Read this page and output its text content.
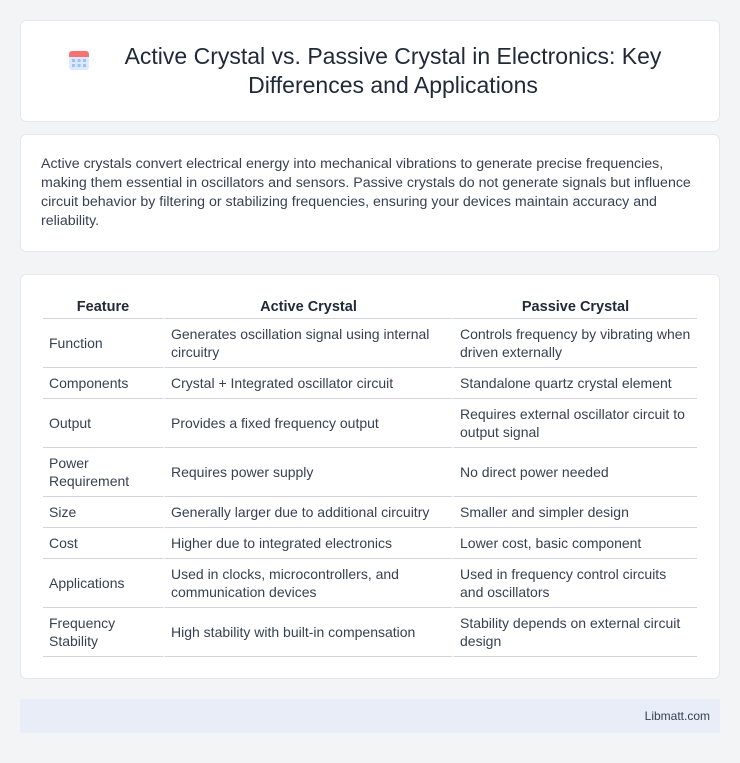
Active Crystal vs. Passive Crystal in Electronics: Key Differences and Applications

Active crystals convert electrical energy into mechanical vibrations to generate precise frequencies, making them essential in oscillators and sensors. Passive crystals do not generate signals but influence circuit behavior by filtering or stabilizing frequencies, ensuring your devices maintain accuracy and reliability.

Feature	Active Crystal	Passive Crystal
Function	Generates oscillation signal using internal circuitry	Controls frequency by vibrating when driven externally
Components	Crystal + Integrated oscillator circuit	Standalone quartz crystal element
Output	Provides a fixed frequency output	Requires external oscillator circuit to output signal
Power Requirement	Requires power supply	No direct power needed
Size	Generally larger due to additional circuitry	Smaller and simpler design
Cost	Higher due to integrated electronics	Lower cost, basic component
Applications	Used in clocks, microcontrollers, and communication devices	Used in frequency control circuits and oscillators
Frequency Stability	High stability with built-in compensation	Stability depends on external circuit design
Libmatt.com
